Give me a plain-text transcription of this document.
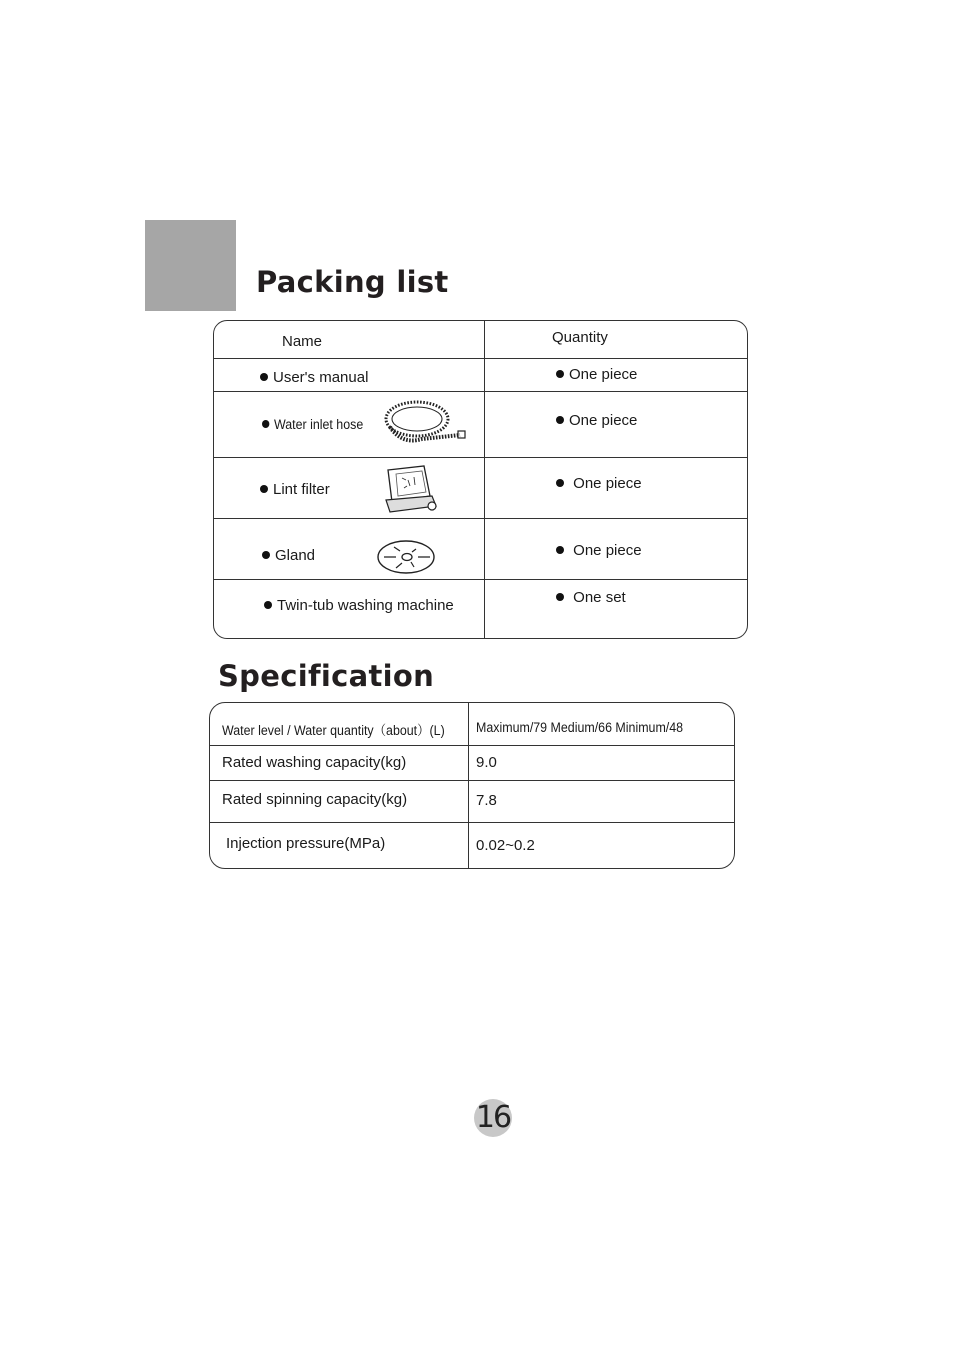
Packing list
Name	Quantity
User's manual	One piece
Water inlet hose	One piece
Lint filter	One piece
Gland	One piece
Twin-tub washing machine	One set
Specification
Water level / Water quantity（about）(L) Maximum/79 Medium/66 Minimum/48
Rated washing capacity(kg)	9.0
Rated spinning capacity(kg)	7.8
Injection pressure(MPa)	0.02~0.2
16
